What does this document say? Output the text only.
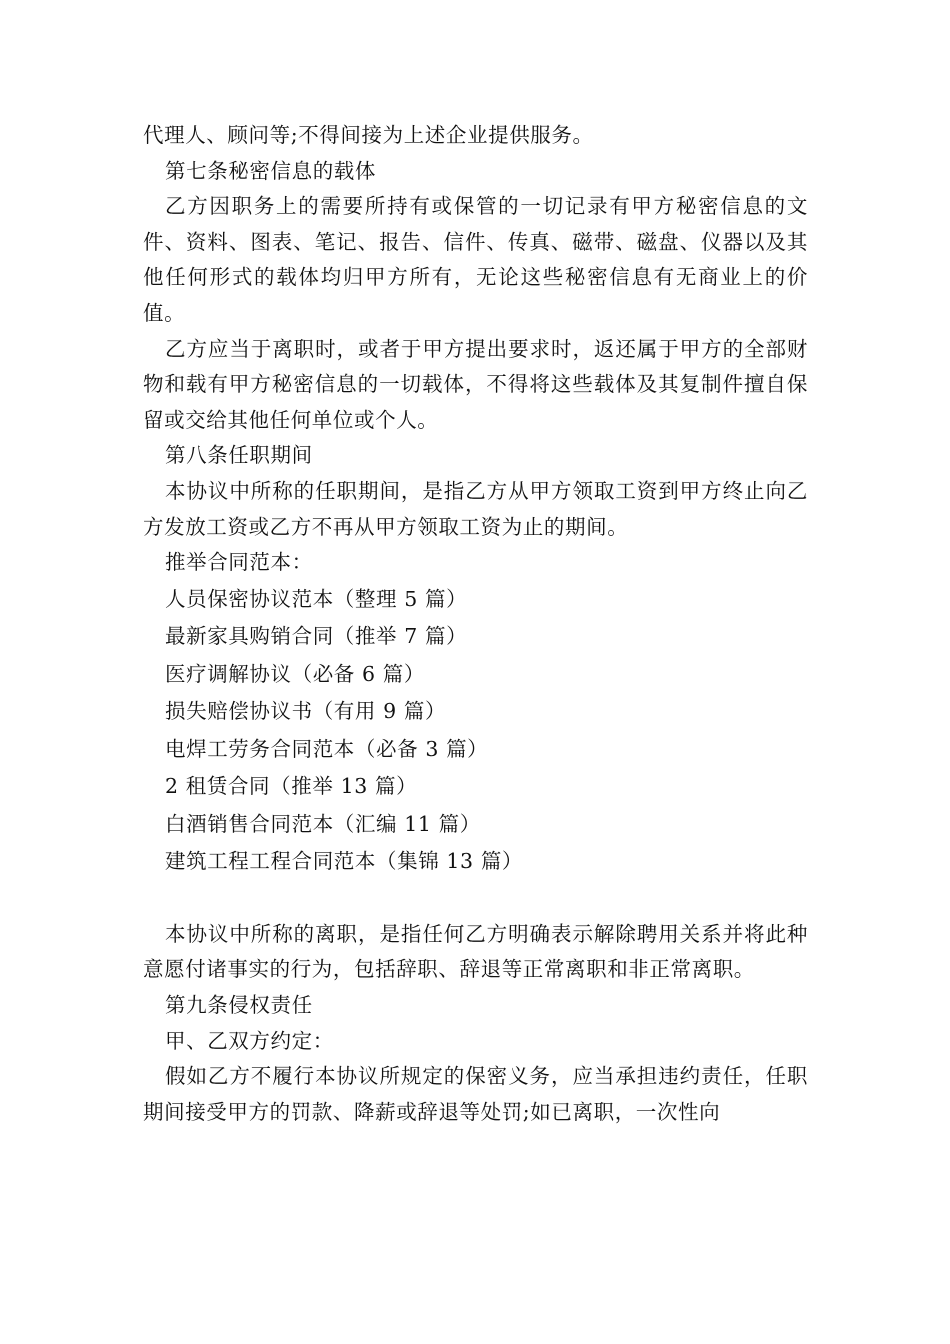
代理人、顾问等;不得间接为上述企业提供服务。

第七条秘密信息的载体

乙方因职务上的需要所持有或保管的一切记录有甲方秘密信息的文件、资料、图表、笔记、报告、信件、传真、磁带、磁盘、仪器以及其他任何形式的载体均归甲方所有，无论这些秘密信息有无商业上的价值。

乙方应当于离职时，或者于甲方提出要求时，返还属于甲方的全部财物和载有甲方秘密信息的一切载体，不得将这些载体及其复制件擅自保留或交给其他任何单位或个人。

第八条任职期间

本协议中所称的任职期间，是指乙方从甲方领取工资到甲方终止向乙方发放工资或乙方不再从甲方领取工资为止的期间。

推举合同范本：

人员保密协议范本（整理 5 篇）

最新家具购销合同（推举 7 篇）

医疗调解协议（必备 6 篇）

损失赔偿协议书（有用 9 篇）

电焊工劳务合同范本（必备 3 篇）

2 租赁合同（推举 13 篇）

白酒销售合同范本（汇编 11 篇）

建筑工程工程合同范本（集锦 13 篇）

本协议中所称的离职，是指任何乙方明确表示解除聘用关系并将此种意愿付诸事实的行为，包括辞职、辞退等正常离职和非正常离职。

第九条侵权责任

甲、乙双方约定：

假如乙方不履行本协议所规定的保密义务，应当承担违约责任，任职期间接受甲方的罚款、降薪或辞退等处罚;如已离职，一次性向
